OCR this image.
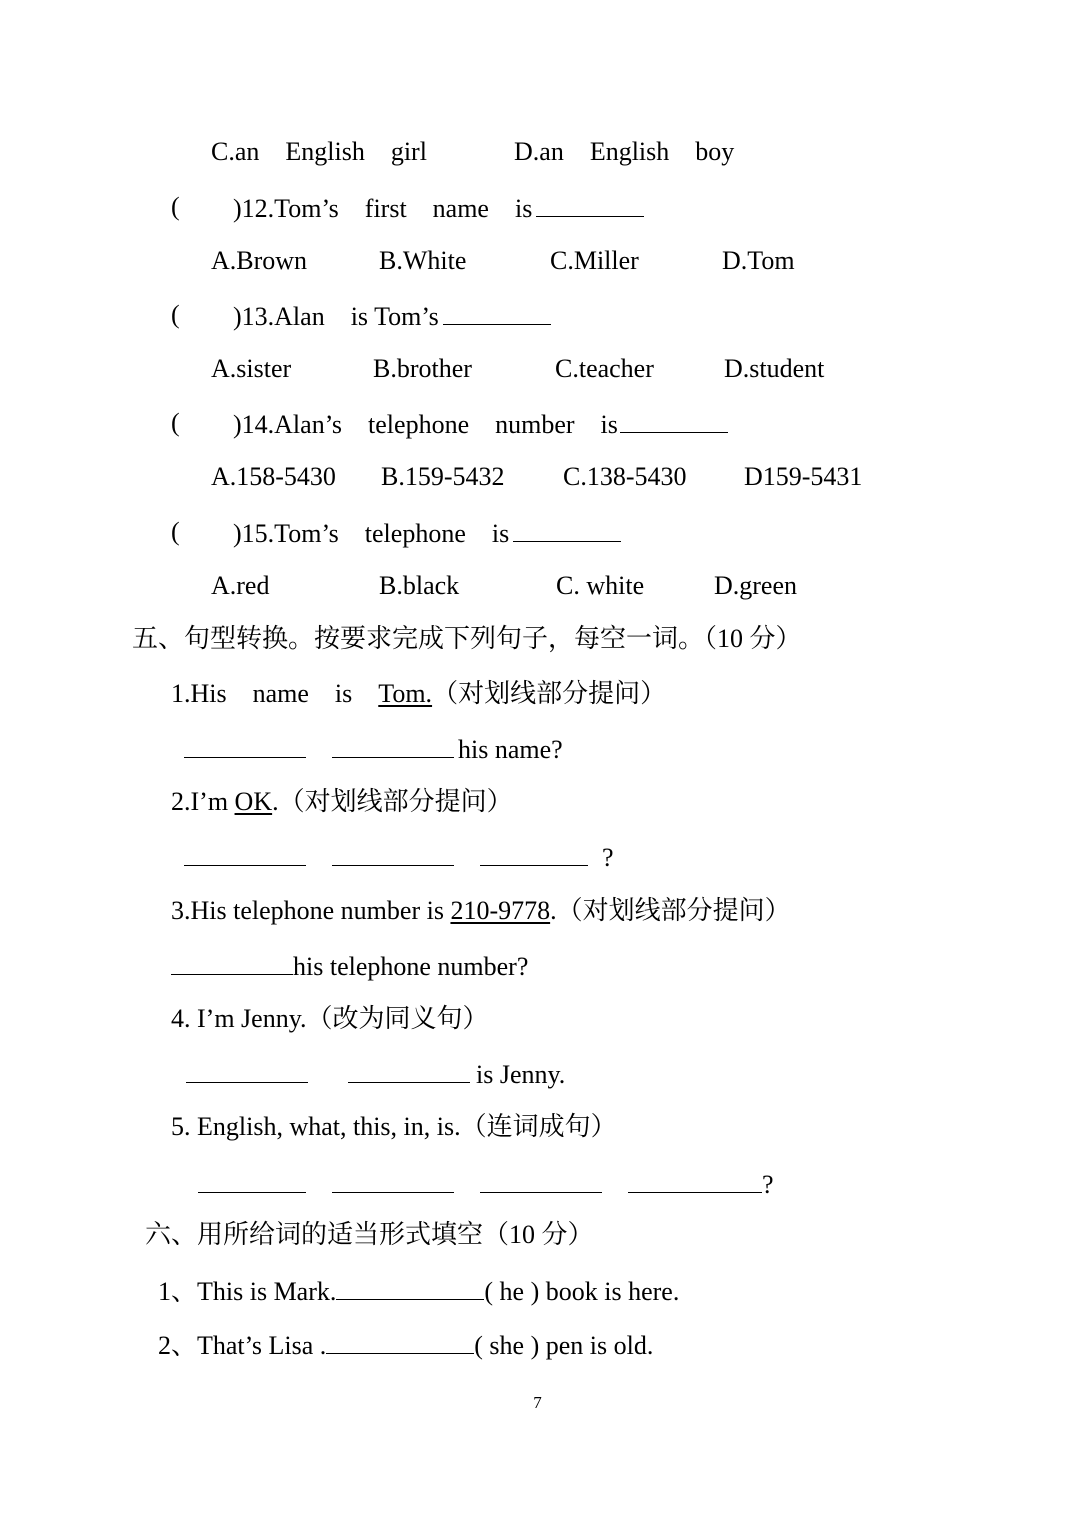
C.an　English　girl	D.an　English　boy
( )12.Tom’s　first　name　is
A.Brown	B.White	C.Miller	D.Tom
( )13.Alan　is Tom’s
A.sister	B.brother	C.teacher	D.student
( )14.Alan’s　telephone　number　is
A.158-5430 B.159-5432 C.138-5430 D159-5431
( )15.Tom’s　telephone　is
A.red	B.black	C. white	D.green
五、句型转换。按要求完成下列句子，每空一词。（10 分）
1.His　name　is　Tom.（对划线部分提问）
his name?
2.I’m OK.（对划线部分提问）
?
3.His telephone number is 210-9778.（对划线部分提问）
his telephone number?
4. I’m Jenny.（改为同义句）
is Jenny.
5. English, what, this, in, is.（连词成句）
?
六、用所给词的适当形式填空（10 分）
1、This is Mark.	( he ) book is here.
2、That’s Lisa .	( she ) pen is old.
7
